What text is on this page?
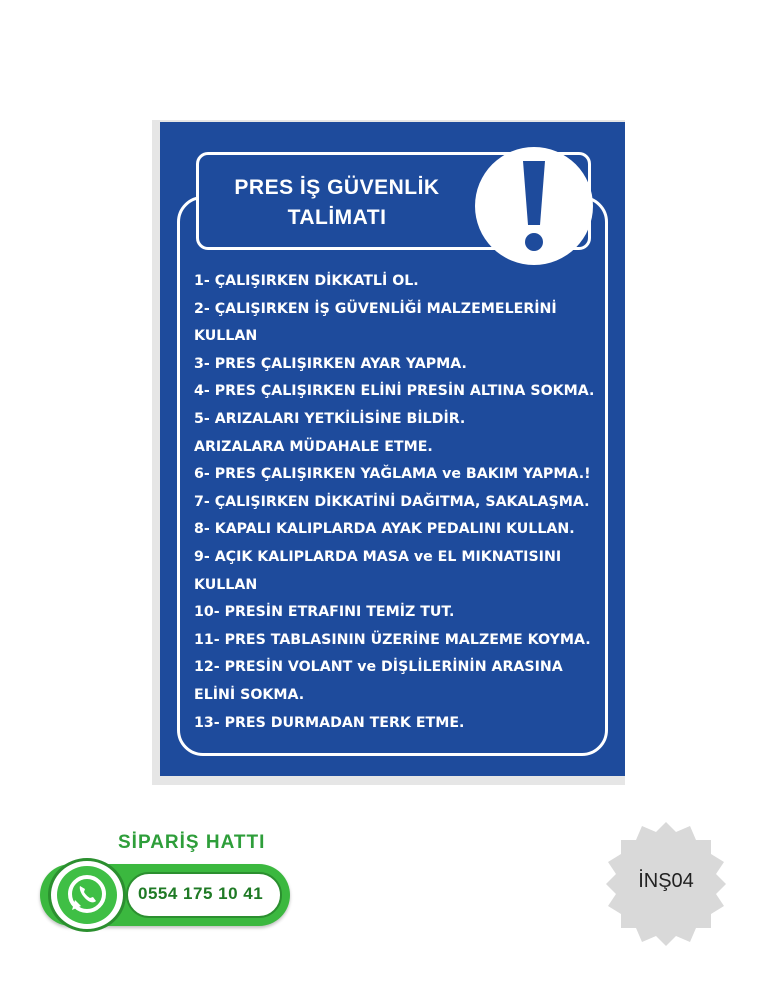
PRES İŞ GÜVENLİK
TALİMATI
1- ÇALIŞIRKEN DİKKATLİ OL.
2- ÇALIŞIRKEN İŞ GÜVENLİĞİ MALZEMELERİNİ
KULLAN
3- PRES ÇALIŞIRKEN AYAR YAPMA.
4- PRES ÇALIŞIRKEN ELİNİ PRESİN ALTINA SOKMA.
5- ARIZALARI YETKİLİSİNE BİLDİR.
ARIZALARA MÜDAHALE ETME.
6- PRES ÇALIŞIRKEN YAĞLAMA ve BAKIM YAPMA.!
7- ÇALIŞIRKEN DİKKATİNİ DAĞITMA, SAKALAŞMA.
8- KAPALI KALIPLARDA AYAK PEDALINI KULLAN.
9- AÇIK KALIPLARDA MASA ve EL MIKNATISINI
KULLAN
10- PRESİN ETRAFINI TEMİZ TUT.
11- PRES TABLASININ ÜZERİNE MALZEME KOYMA.
12- PRESİN VOLANT ve DİŞLİLERİNİN ARASINA
ELİNİ SOKMA.
13- PRES DURMADAN TERK ETME.
SİPARİŞ HATTI
0554 175 10 41
İNŞ04
